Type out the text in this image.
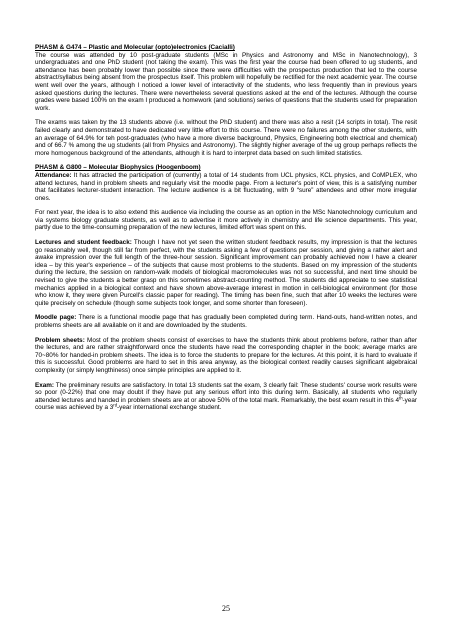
PHASM & G474 – Plastic and Molecular (opto)electronics (Cacialli)
The course was attended by 10 post-graduate students (MSc in Physics and Astronomy and MSc in Nanotechnology), 3 undergraduates and one PhD student (not taking the exam). This was the first year the course had been offered to ug students, and attendance has been probably lower than possible since there were difficulties with the prospectus production that led to the course abstract/syllabus being absent from the prospectus itself. This problem will hopefully be rectified for the next academic year. The course went well over the years, although I noticed a lower level of interactivity of the students, who less frequently than in previous years asked questions during the lectures. There were nevertheless several questions asked at the end of the lectures. Although the course grades were based 100% on the exam I produced a homework (and solutions) series of questions that the students used for preparation work.

The exams was taken by the 13 students above (i.e. without the PhD student) and there was also a resit (14 scripts in total). The resit failed clearly and demonstrated to have dedicated very little effort to this course. There were no failures among the other students, with an average of 64.9% for teh post-graduates (who have a more diverse background, Physics, Engineering both electrical and chemical) and of 66.7 % among the ug students (all from Physics and Astronomy). The slightly higher average of the ug group perhaps reflects the more homogenous background of the attendants, although it is hard to interpret data based on such limited statistics.

PHASM & G800 – Molecular Biophysics (Hoogenboom)
Attendance: It has attracted the participation of (currently) a total of 14 students from UCL physics, KCL physics, and CoMPLEX, who attend lectures, hand in problem sheets and regularly visit the moodle page. From a lecturer's point of view, this is a satisfying number that facilitates lecturer-student interaction. The lecture audience is a bit fluctuating, with 9 “sure” attendees and other more irregular ones.

For next year, the idea is to also extend this audience via including the course as an option in the MSc Nanotechnology curriculum and via systems biology graduate students, as well as to advertise it more actively in chemistry and life science departments. This year, partly due to the time-consuming preparation of the new lectures, limited effort was spent on this.

Lectures and student feedback: Though I have not yet seen the written student feedback results, my impression is that the lectures go reasonably well, though still far from perfect, with the students asking a few of questions per session, and giving a rather alert and awake impression over the full length of the three-hour session. Significant improvement can probably achieved now I have a clearer idea – by this year's experience – of the subjects that cause most problems to the students. Based on my impression of the students during the lecture, the session on random-walk models of biological macromolecules was not so successful, and next time should be revised to give the students a better grasp on this sometimes abstract-counting method. The students did appreciate to see statistical mechanics applied in a biological context and have shown above-average interest in motion in cell-biological environment (for those who know it, they were given Purcell's classic paper for reading). The timing has been fine, such that after 10 weeks the lectures were quite precisely on schedule (though some subjects took longer, and some shorter than foreseen).

Moodle page: There is a functional moodle page that has gradually been completed during term. Hand-outs, hand-written notes, and problems sheets are all available on it and are downloaded by the students.

Problem sheets: Most of the problem sheets consist of exercises to have the students think about problems before, rather than after the lectures, and are rather straightforward once the students have read the corresponding chapter in the book; average marks are 70~80% for handed-in problem sheets. The idea is to force the students to prepare for the lectures. At this point, it is hard to evaluate if this is successful. Good problems are hard to set in this area anyway, as the biological context readily causes significant algebraical complexity (or simply lengthiness) once simple principles are applied to it.

Exam: The preliminary results are satisfactory. In total 13 students sat the exam, 3 clearly fail: These students' course work results were so poor (0-22%) that one may doubt if they have put any serious effort into this during term. Basically, all students who regularly attended lectures and handed in problem sheets are at or above 50% of the total mark. Remarkably, the best exam result in this 4th-year course was achieved by a 3rd-year international exchange student.

25
